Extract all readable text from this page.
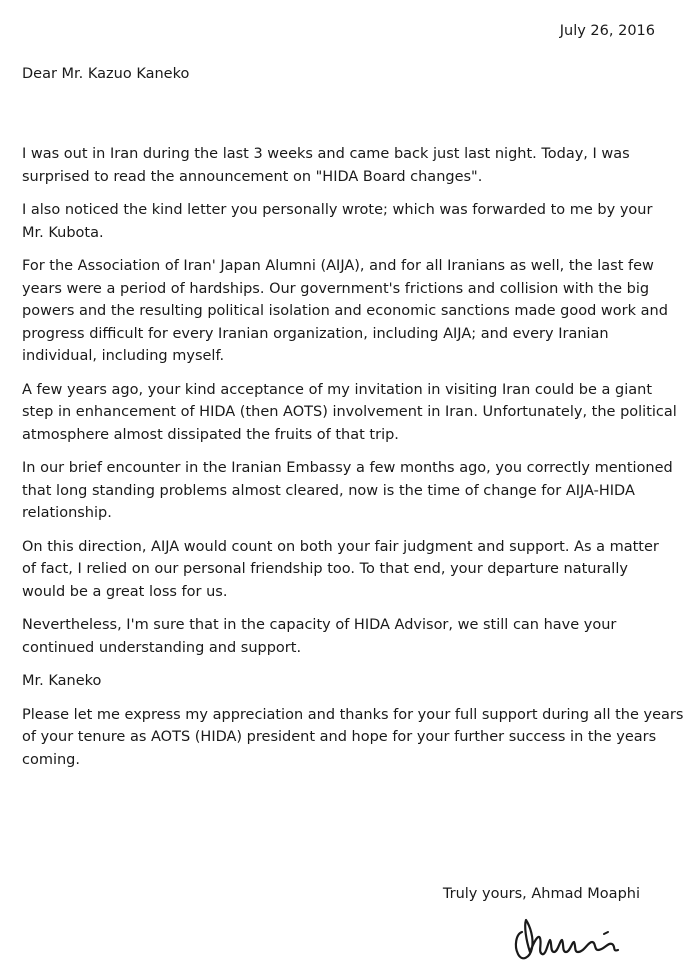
July 26, 2016
Dear Mr. Kazuo Kaneko

I was out in Iran during the last 3 weeks and came back just last night. Today, I was
surprised to read the announcement on "HIDA Board changes".

I also noticed the kind letter you personally wrote; which was forwarded to me by your
Mr. Kubota.

For the Association of Iran' Japan Alumni (AIJA), and for all Iranians as well, the last few
years were a period of hardships. Our government's frictions and collision with the big
powers and the resulting political isolation and economic sanctions made good work and
progress difficult for every Iranian organization, including AIJA; and every Iranian
individual, including myself.

A few years ago, your kind acceptance of my invitation in visiting Iran could be a giant
step in enhancement of HIDA (then AOTS) involvement in Iran. Unfortunately, the political
atmosphere almost dissipated the fruits of that trip.

In our brief encounter in the Iranian Embassy a few months ago, you correctly mentioned
that long standing problems almost cleared, now is the time of change for AIJA-HIDA
relationship.

On this direction, AIJA would count on both your fair judgment and support. As a matter
of fact, I relied on our personal friendship too. To that end, your departure naturally
would be a great loss for us.

Nevertheless, I'm sure that in the capacity of HIDA Advisor, we still can have your
continued understanding and support.

Mr. Kaneko

Please let me express my appreciation and thanks for your full support during all the years
of your tenure as AOTS (HIDA) president and hope for your further success in the years
coming.

Truly yours, Ahmad Moaphi
